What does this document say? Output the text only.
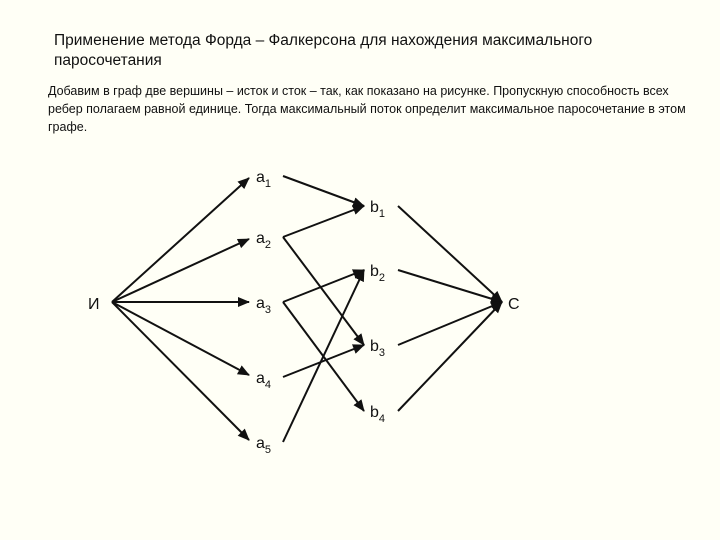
Применение метода Форда – Фалкерсона для нахождения максимального паросочетания

Добавим в граф две вершины – исток и сток – так, как показано на рисунке. Пропускную способность всех ребер полагаем равной единице. Тогда максимальный поток определит максимальное паросочетание в этом графе.

И
$a_1$
$a_2$
$a_3$
$a_4$
$a_5$
$b_1$
$b_2$
$b_3$
$b_4$
С
